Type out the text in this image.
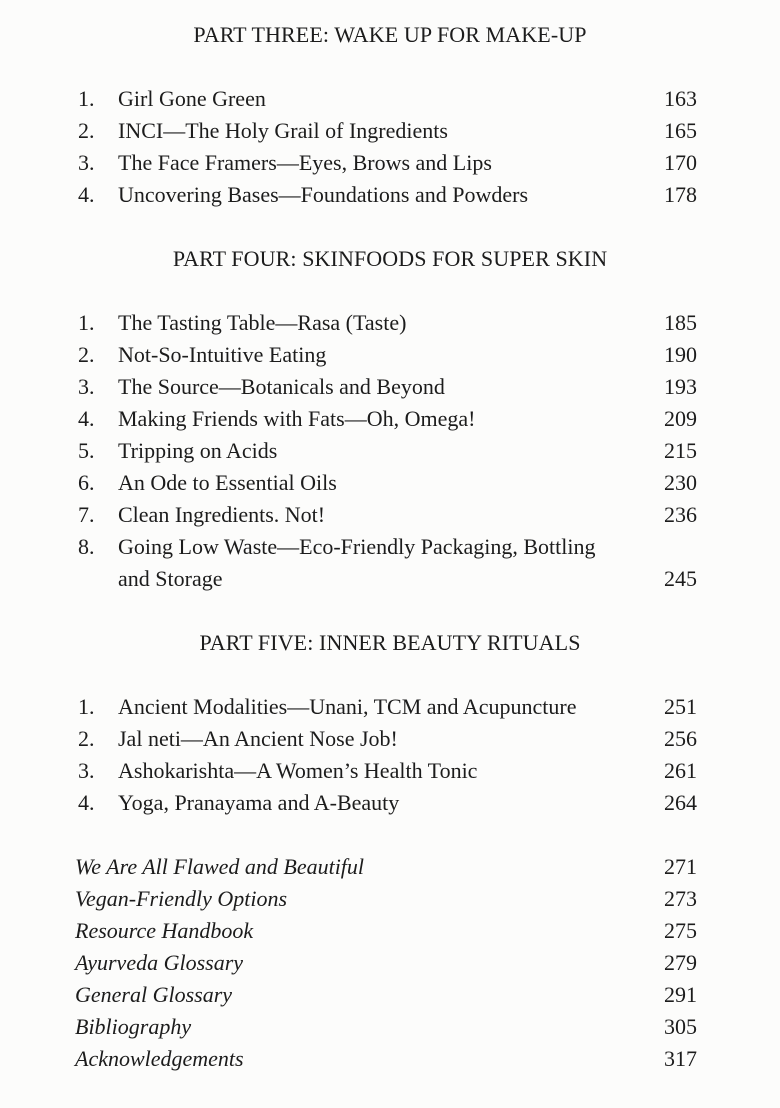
PART THREE: WAKE UP FOR MAKE-UP
1. Girl Gone Green	163
2. INCI—The Holy Grail of Ingredients	165
3. The Face Framers—Eyes, Brows and Lips	170
4. Uncovering Bases—Foundations and Powders	178
PART FOUR: SKINFOODS FOR SUPER SKIN
1. The Tasting Table—Rasa (Taste)	185
2. Not-So-Intuitive Eating	190
3. The Source—Botanicals and Beyond	193
4. Making Friends with Fats—Oh, Omega!	209
5. Tripping on Acids	215
6. An Ode to Essential Oils	230
7. Clean Ingredients. Not!	236
8. Going Low Waste—Eco-Friendly Packaging, Bottling and Storage	245
PART FIVE: INNER BEAUTY RITUALS
1. Ancient Modalities—Unani, TCM and Acupuncture	251
2. Jal neti—An Ancient Nose Job!	256
3. Ashokarishta—A Women’s Health Tonic	261
4. Yoga, Pranayama and A-Beauty	264
We Are All Flawed and Beautiful	271
Vegan-Friendly Options	273
Resource Handbook	275
Ayurveda Glossary	279
General Glossary	291
Bibliography	305
Acknowledgements	317
